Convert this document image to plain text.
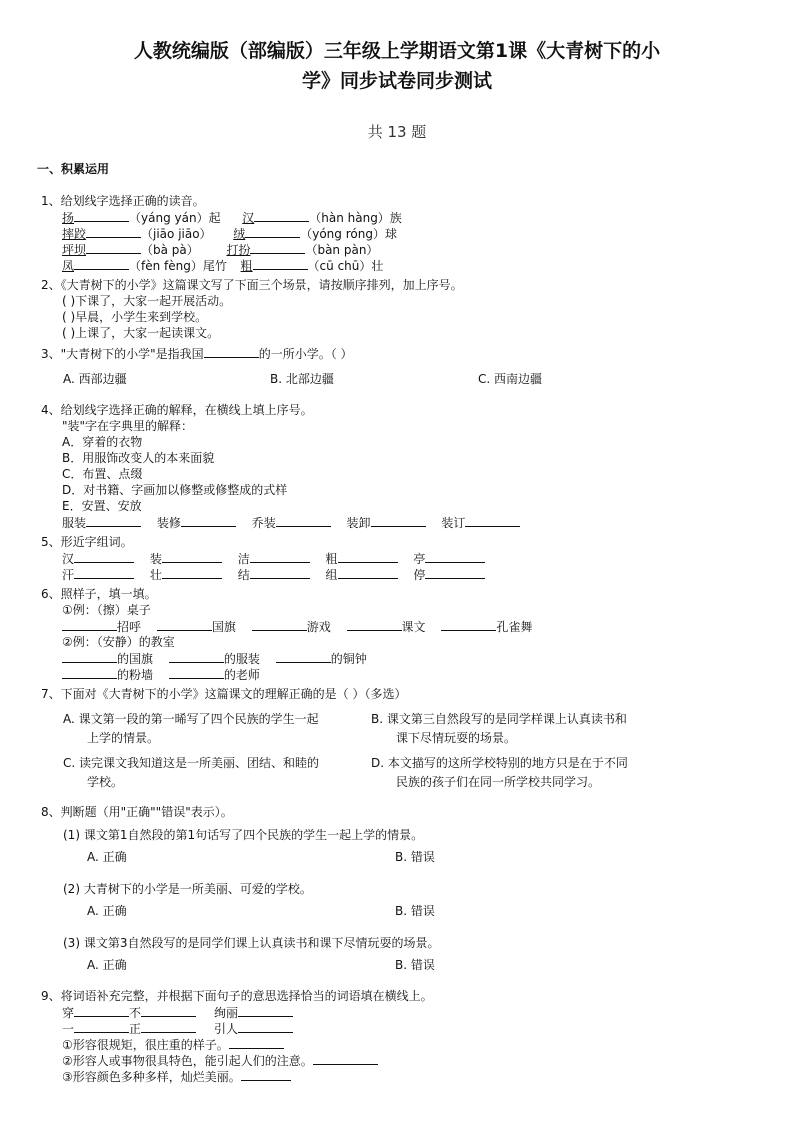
人教统编版（部编版）三年级上学期语文第1课《大青树下的小
学》同步试卷同步测试
共 13 题
一、积累运用
1、给划线字选择正确的读音。
扬	（yáng yán）起 汉	（hàn hàng）族
摔跤	（jiāo jiāo） 绒	（yóng róng）球
坪坝	（bà pà） 打扮	（bàn pàn）
凤	（fèn fèng）尾竹 粗	（cū chū）壮
2、《大青树下的小学》这篇课文写了下面三个场景，请按顺序排列，加上序号。
( )下课了，大家一起开展活动。
( )早晨，小学生来到学校。
( )上课了，大家一起读课文。
3、"大青树下的小学"是指我国	的一所小学。（ ）
A. 西部边疆	B. 北部边疆	C. 西南边疆
4、给划线字选择正确的解释，在横线上填上序号。
"装"字在字典里的解释：
A．穿着的衣物
B．用服饰改变人的本来面貌
C．布置、点缀
D．对书籍、字画加以修整或修整成的式样
E．安置、安放
服装	装修	乔装	装卸	装订
5、形近字组词。
汉	装	洁	粗	亭
汗	壮	结	组	停
6、照样子，填一填。
①例：（擦）桌子
招呼	国旗	游戏	课文	孔雀舞
②例：（安静）的教室
的国旗	的服装	的铜钟
的粉墙	的老师
7、下面对《大青树下的小学》这篇课文的理解正确的是（ ）（多选）
A. 课文第一段的第一晞写了四个民族的学生一起
上学的情景。
B. 课文第三自然段写的是同学样课上认真读书和
课下尽情玩耍的场景。
C. 读完课文我知道这是一所美丽、团结、和睦的
学校。
D. 本文描写的这所学校特别的地方只是在于不同
民族的孩子们在同一所学校共同学习。
8、判断题（用"正确""错误"表示）。
(1) 课文第1自然段的第1句话写了四个民族的学生一起上学的情景。
A. 正确	B. 错误
(2) 大青树下的小学是一所美丽、可爱的学校。
A. 正确	B. 错误
(3) 课文第3自然段写的是同学们课上认真读书和课下尽情玩耍的场景。
A. 正确	B. 错误
9、将词语补充完整，并根据下面句子的意思选择恰当的词语填在横线上。
穿	不	绚丽
一	正	引人
①形容很规矩，很庄重的样子。
②形容人或事物很具特色，能引起人们的注意。
③形容颜色多种多样，灿烂美丽。
